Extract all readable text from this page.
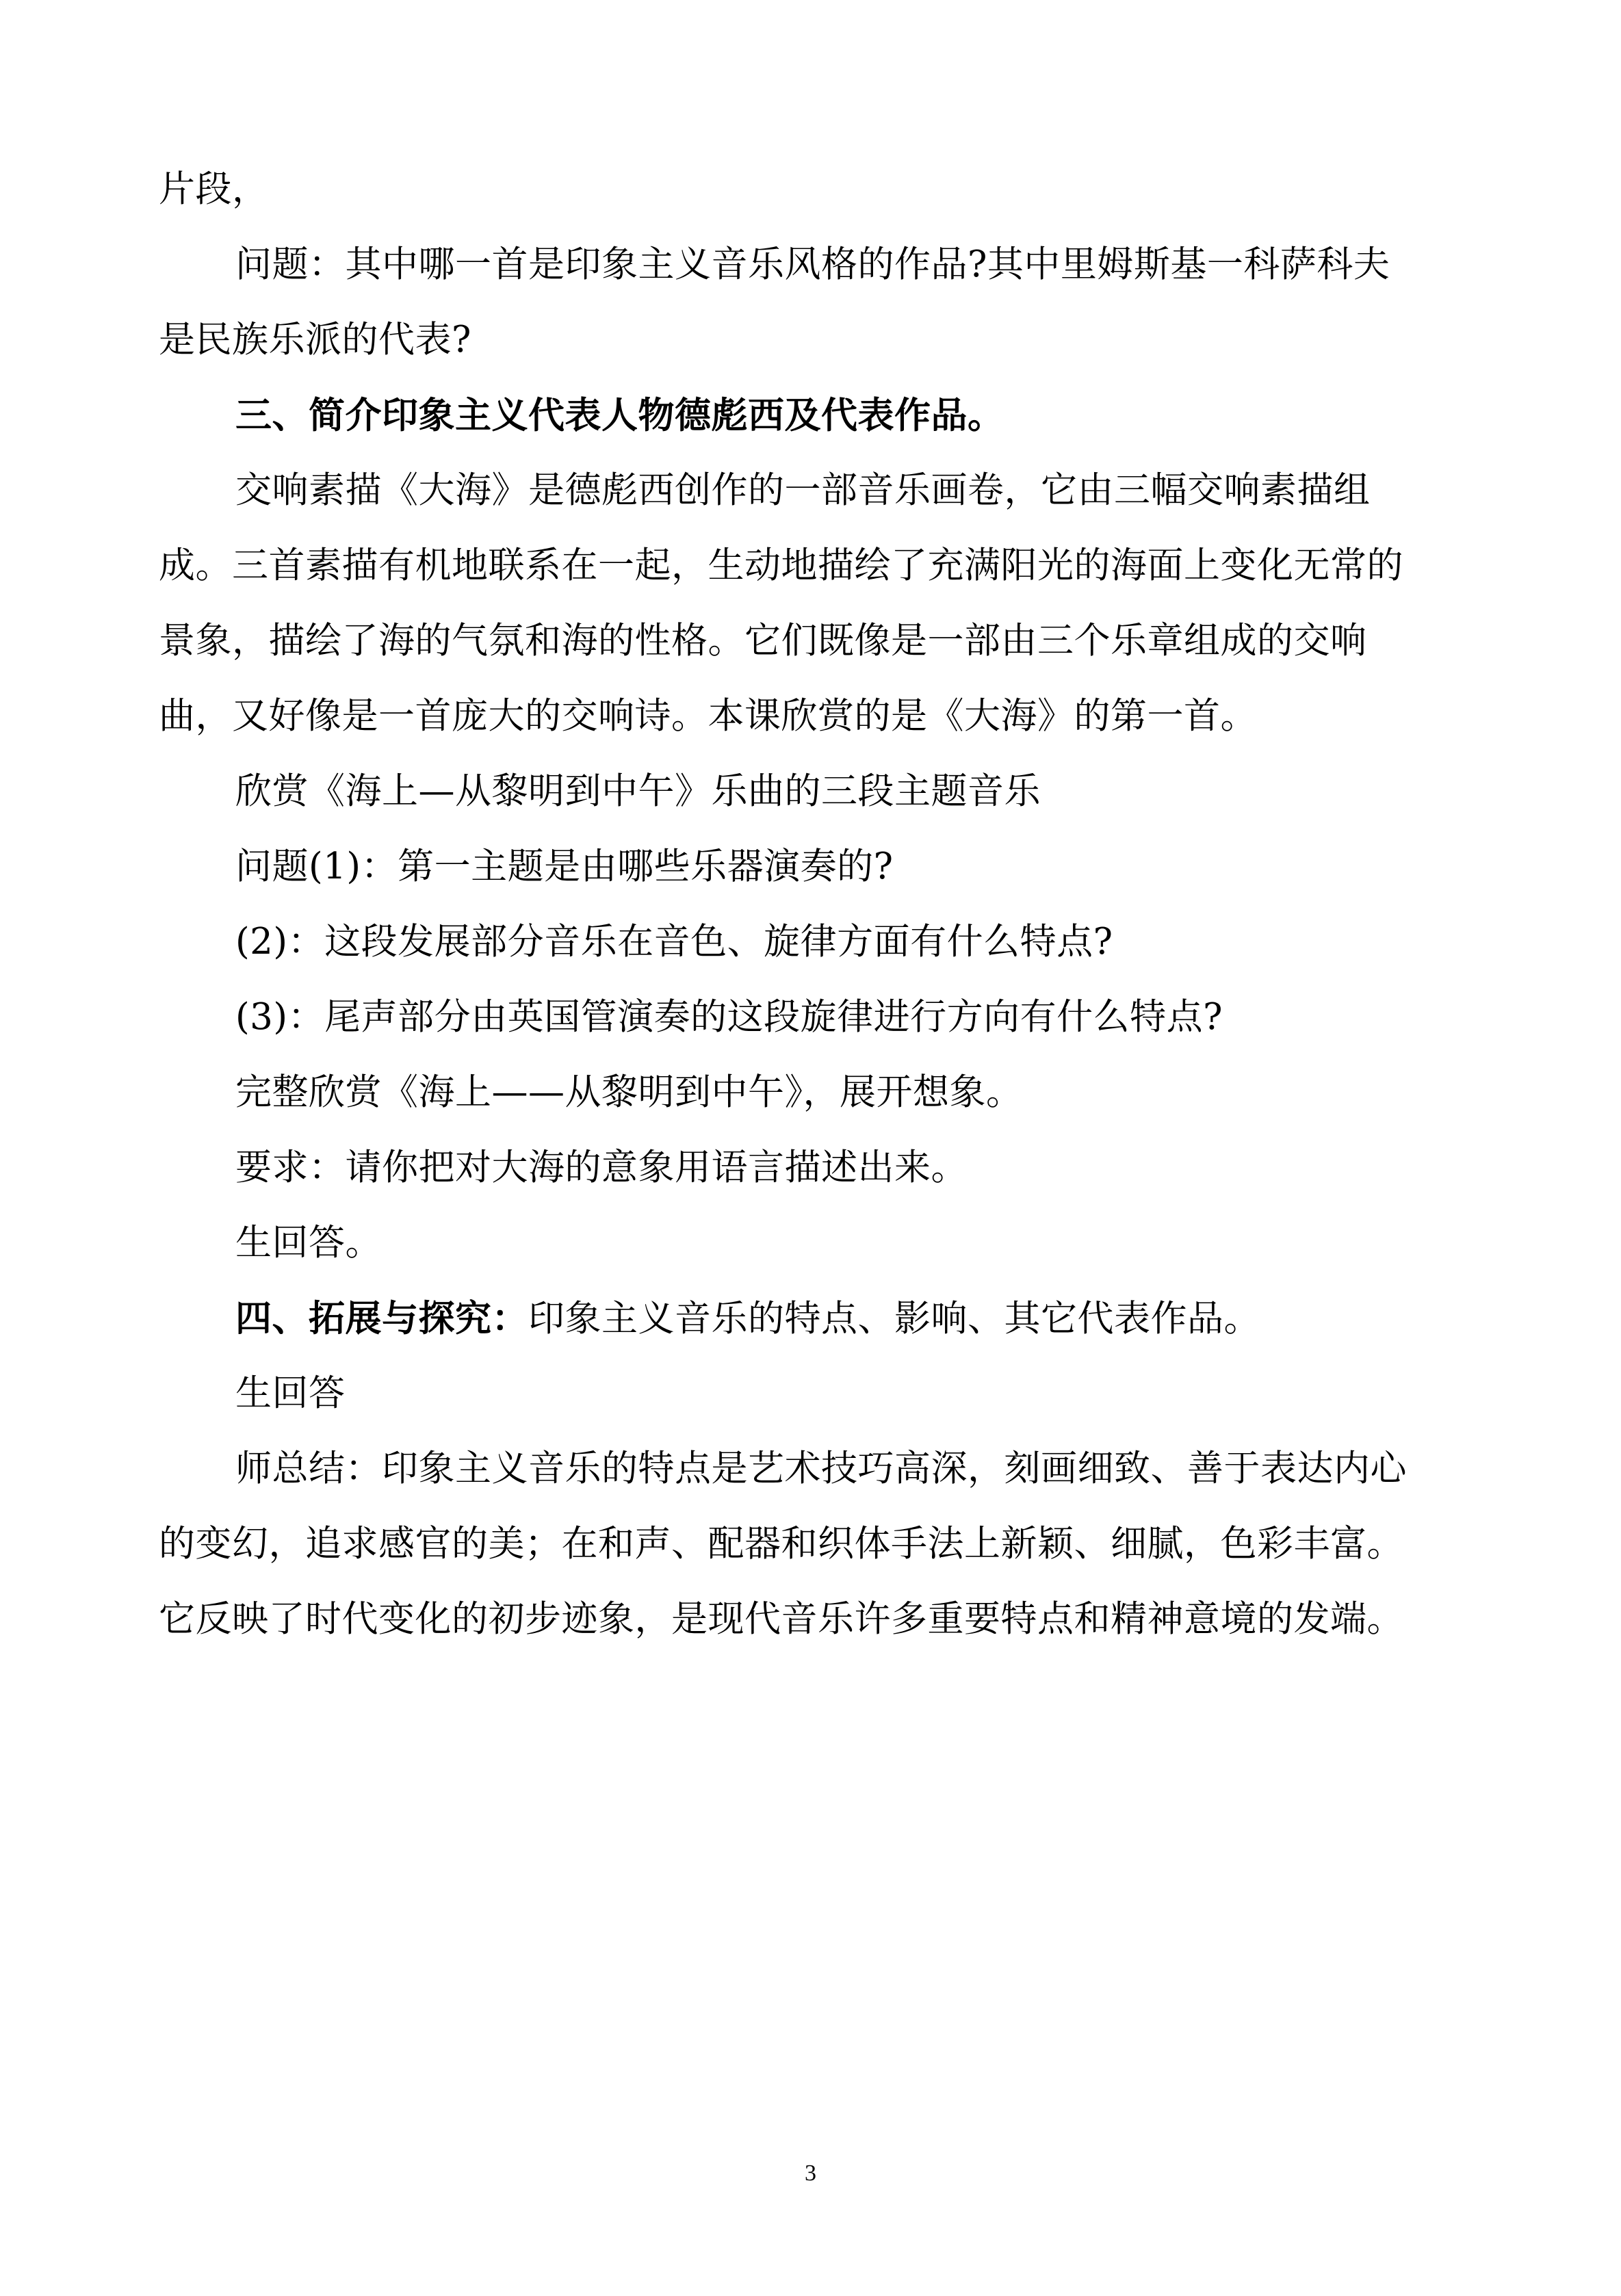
片段，
问题：其中哪一首是印象主义音乐风格的作品?其中里姆斯基一科萨科夫
是民族乐派的代表?
三、简介印象主义代表人物德彪西及代表作品。
交响素描《大海》是德彪西创作的一部音乐画卷，它由三幅交响素描组
成。三首素描有机地联系在一起，生动地描绘了充满阳光的海面上变化无常的
景象，描绘了海的气氛和海的性格。它们既像是一部由三个乐章组成的交响
曲，又好像是一首庞大的交响诗。本课欣赏的是《大海》的第一首。
欣赏《海上—从黎明到中午》乐曲的三段主题音乐
问题(1)：第一主题是由哪些乐器演奏的?
(2)：这段发展部分音乐在音色、旋律方面有什么特点?
(3)：尾声部分由英国管演奏的这段旋律进行方向有什么特点?
完整欣赏《海上——从黎明到中午》，展开想象。
要求：请你把对大海的意象用语言描述出来。
生回答。
四、拓展与探究：印象主义音乐的特点、影响、其它代表作品。
生回答
师总结：印象主义音乐的特点是艺术技巧高深，刻画细致、善于表达内心
的变幻，追求感官的美；在和声、配器和织体手法上新颖、细腻，色彩丰富。
它反映了时代变化的初步迹象，是现代音乐许多重要特点和精神意境的发端。
3
